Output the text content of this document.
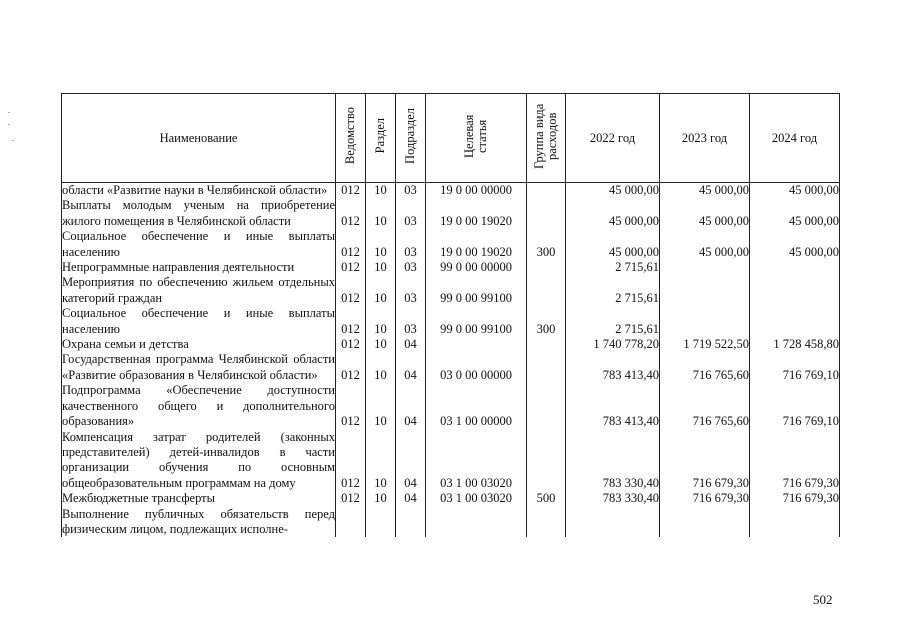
Наименование	Ведомство	Раздел	Подраздел	Целевая статья	Группа вида расходов	2022 год	2023 год	2024 год
области «Развитие науки в Челябинской области»	012	10	03	19 0 00 00000		45 000,00	45 000,00	45 000,00
Выплаты молодым ученым на приобретение жилого помещения в Челябинской области	012	10	03	19 0 00 19020		45 000,00	45 000,00	45 000,00
Социальное обеспечение и иные выплаты населению	012	10	03	19 0 00 19020	300	45 000,00	45 000,00	45 000,00
Непрограммные направления деятельности	012	10	03	99 0 00 00000		2 715,61		
Мероприятия по обеспечению жильем отдельных категорий граждан	012	10	03	99 0 00 99100		2 715,61		
Социальное обеспечение и иные выплаты населению	012	10	03	99 0 00 99100	300	2 715,61		
Охрана семьи и детства	012	10	04			1 740 778,20	1 719 522,50	1 728 458,80
Государственная программа Челябинской области «Развитие образования в Челябинской области»	012	10	04	03 0 00 00000		783 413,40	716 765,60	716 769,10
Подпрограмма «Обеспечение доступности качественного общего и дополнительного образования»	012	10	04	03 1 00 00000		783 413,40	716 765,60	716 769,10
Компенсация затрат родителей (законных представителей) детей-инвалидов в части организации обучения по основным общеобразовательным программам на дому	012	10	04	03 1 00 03020		783 330,40	716 679,30	716 679,30
Межбюджетные трансферты	012	10	04	03 1 00 03020	500	783 330,40	716 679,30	716 679,30
Выполнение публичных обязательств перед физическим лицом, подлежащих исполне-								
502
